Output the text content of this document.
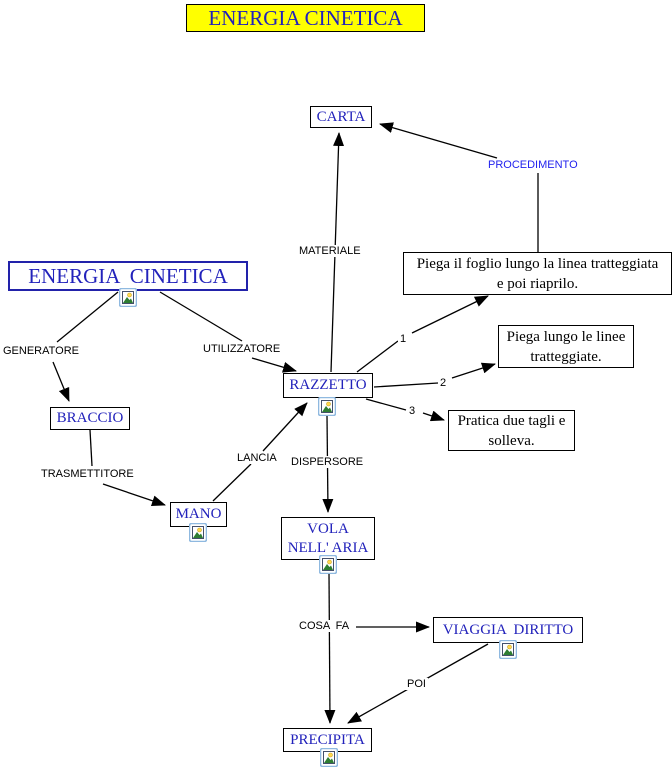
ENERGIA CINETICA
CARTA
ENERGIA  CINETICA
RAZZETTO
BRACCIO
MANO
VOLA
NELL' ARIA
VIAGGIA  DIRITTO
PRECIPITA
Piega il foglio lungo la linea tratteggiata
e poi riaprilo.
Piega lungo le linee
tratteggiate.
Pratica due tagli e
solleva.
PROCEDIMENTO
MATERIALE
GENERATORE	UTILIZZATORE
TRASMETTITORE
LANCIA DISPERSORE
COSA  FA
POI
1
2
3
